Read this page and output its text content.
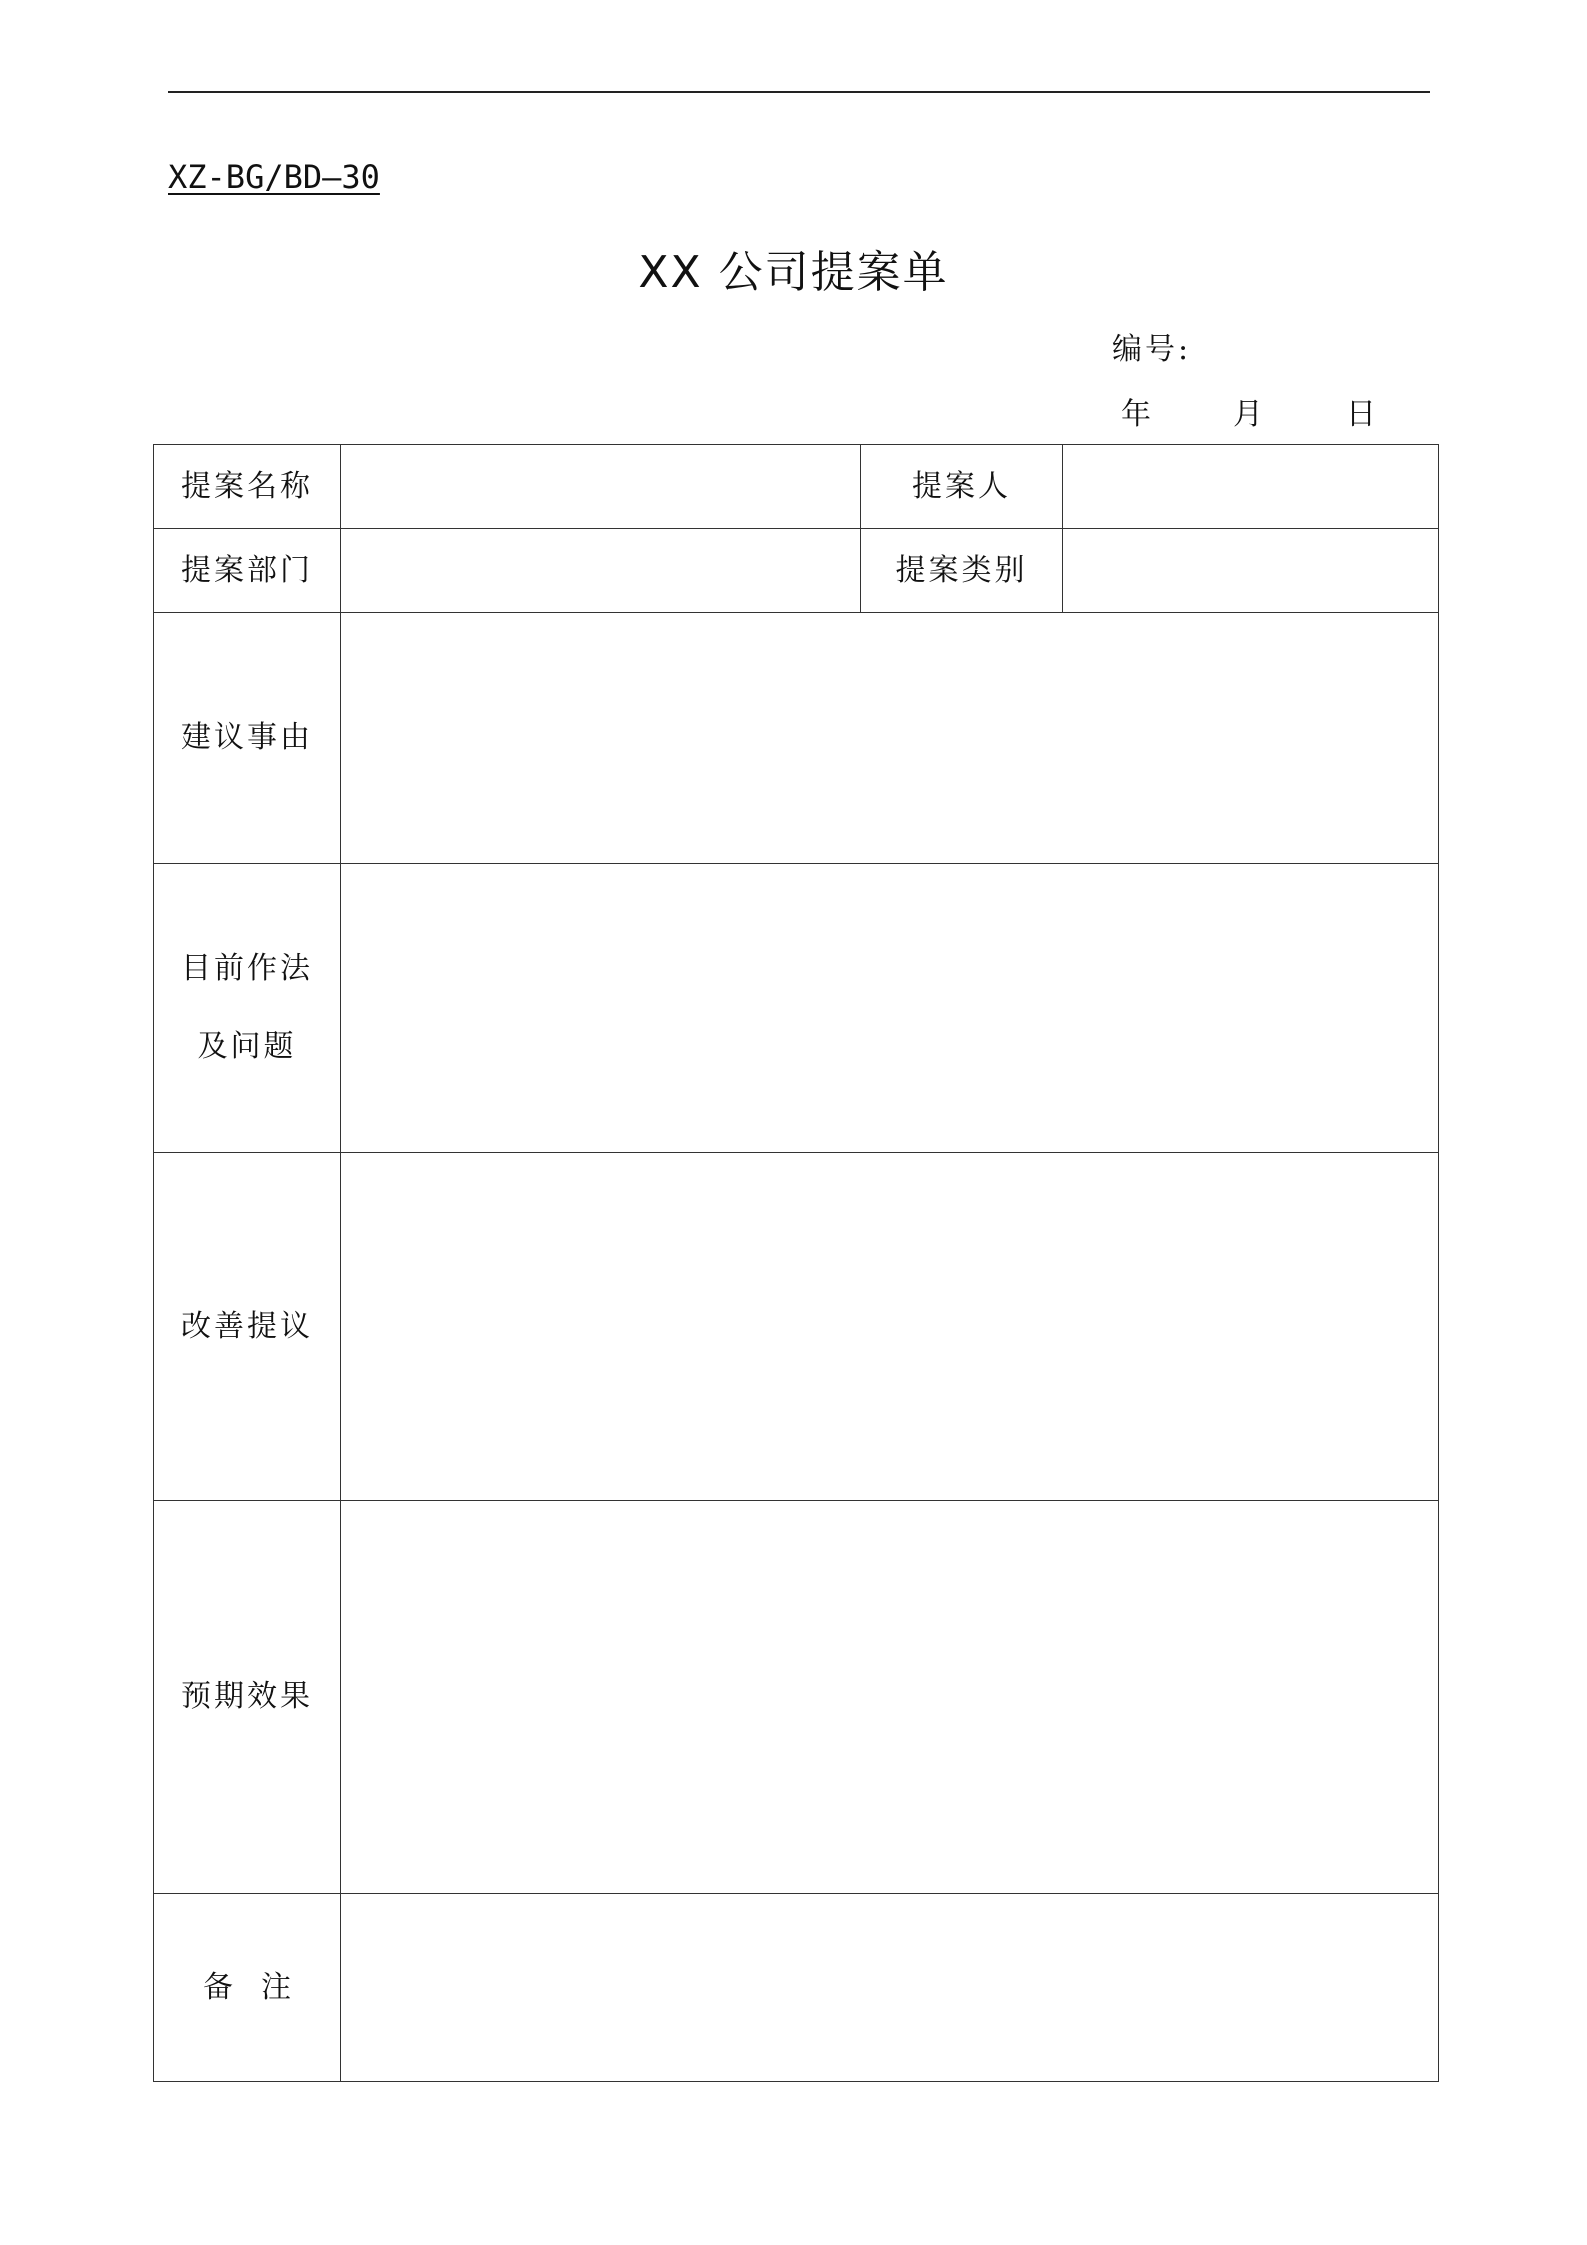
XZ-BG/BD—30
XX 公司提案单
编号:
年	月	日
提案名称		提案人	
提案部门		提案类别	
建议事由			

目前作法
及问题			

改善提议			
预期效果			
备注			
